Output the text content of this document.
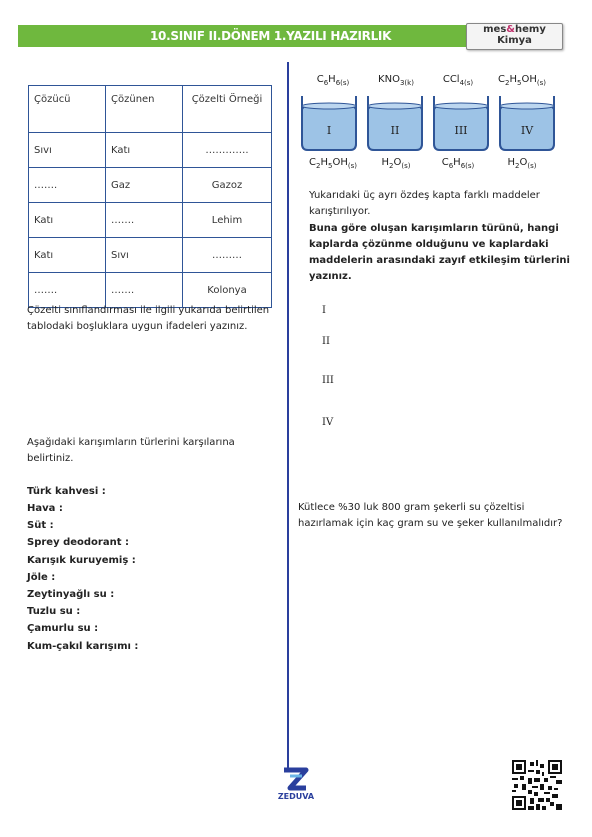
10.SINIF II.DÖNEM 1.YAZILI HAZIRLIK	mes&hemy
Kimya
Çözücü	Çözünen	Çözelti Örneği
Sıvı	Katı	………….
…….	Gaz	Gazoz
Katı	…….	Lehim
Katı	Sıvı	………
…….	…….	Kolonya
Çözelti sınıflandırması ile ilgili yukarıda belirtilen tablodaki boşluklara uygun ifadeleri yazınız.
Aşağıdaki karışımların türlerini karşılarına belirtiniz.
Türk kahvesi :
Hava :
Süt :
Sprey deodorant :
Karışık kuruyemiş :
Jöle :
Zeytinyağlı su :
Tuzlu su :
Çamurlu su :
Kum-çakıl karışımı :
$C_6H_{6(s)}$	$KNO_{3(k)}$	CCl$_{4(s)}$	$C_2H_5OH_{(s)}$
I	II	III	IV
$C_2H_5OH_{(s)}$	$H_2O_{(s)}$	$C_6H_{6(s)}$	$H_2O_{(s)}$
Yukarıdaki üç ayrı özdeş kapta farklı maddeler karıştırılıyor.
Buna göre oluşan karışımların türünü, hangi kaplarda çözünme olduğunu ve kaplardaki maddelerin arasındaki zayıf etkileşim türlerini yazınız.
I
II
III
IV
Kütlece %30 luk 800 gram şekerli su çözeltisi hazırlamak için kaç gram su ve şeker kullanılmalıdır?
ZEDUVA
